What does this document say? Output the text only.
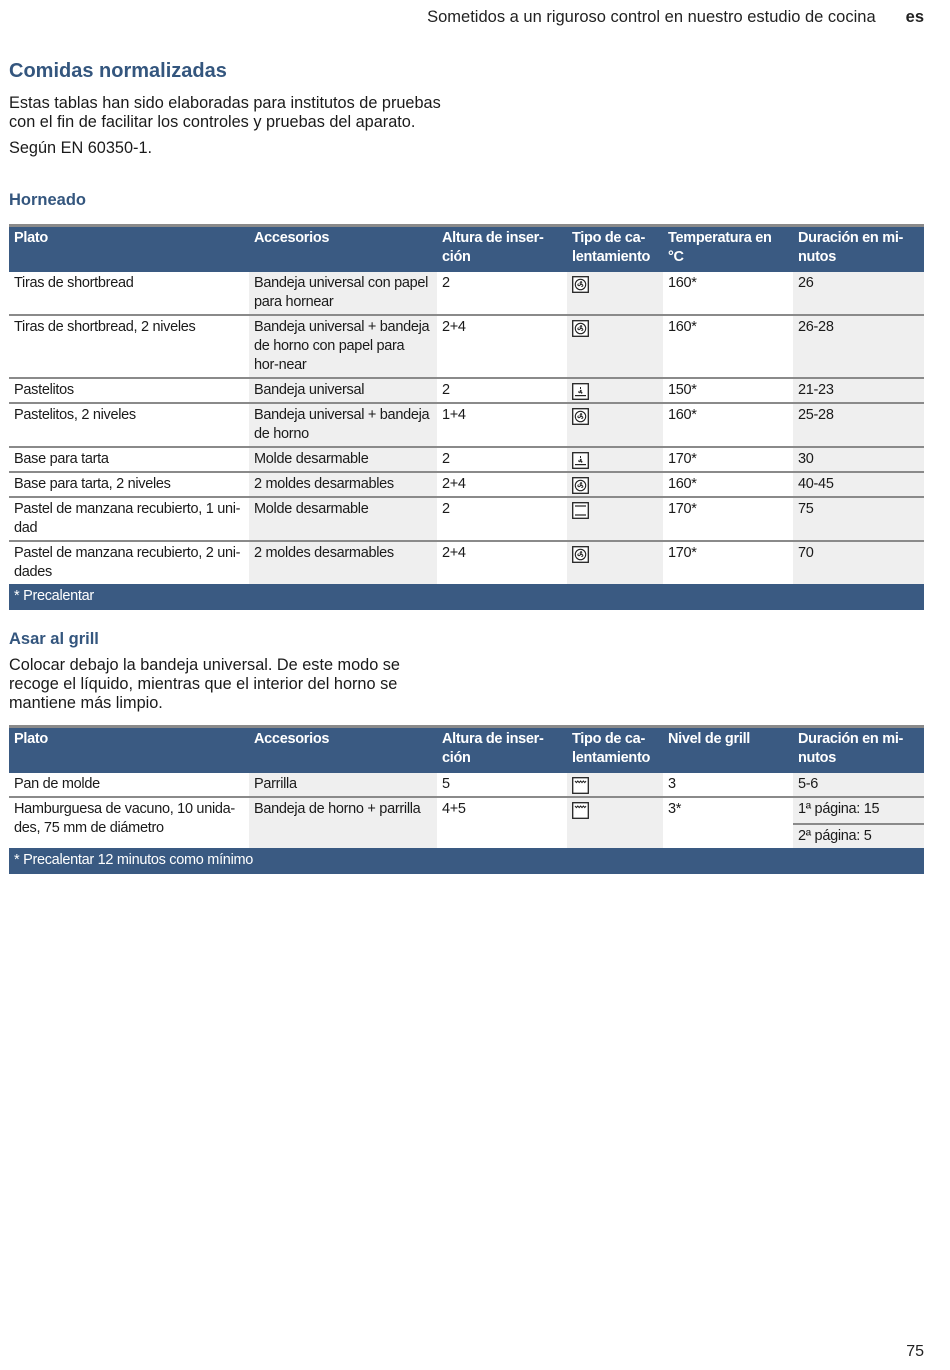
Sometidos a un riguroso control en nuestro estudio de cocina es
Comidas normalizadas

Estas tablas han sido elaboradas para institutos de pruebas con el fin de facilitar los controles y pruebas del aparato.

Según EN 60350-1.

Horneado
Plato	Accesorios	Altura de inser-ción	Tipo de ca-lentamiento	Temperatura en °C	Duración en mi-nutos
Tiras de shortbread	Bandeja universal con papel para hornear	2		160*	26
Tiras de shortbread, 2 niveles	Bandeja universal + bandeja de horno con papel para hor-near	2+4		160*	26-28
Pastelitos	Bandeja universal	2		150*	21-23
Pastelitos, 2 niveles	Bandeja universal + bandeja de horno	1+4		160*	25-28
Base para tarta	Molde desarmable	2		170*	30
Base para tarta, 2 niveles	2 moldes desarmables	2+4		160*	40-45
Pastel de manzana recubierto, 1 uni-dad	Molde desarmable	2		170*	75
Pastel de manzana recubierto, 2 uni-dades	2 moldes desarmables	2+4		170*	70
* Precalentar					
Asar al grill

Colocar debajo la bandeja universal. De este modo se recoge el líquido, mientras que el interior del horno se mantiene más limpio.

Plato	Accesorios	Altura de inser-ción	Tipo de ca-lentamiento	Nivel de grill	Duración en mi-nutos
Pan de molde	Parrilla	5		3	5-6
Hamburguesa de vacuno, 10 unida-des, 75 mm de diámetro	Bandeja de horno + parrilla	4+5		3*	1ª página: 15
2ª página: 5

* Precalentar 12 minutos como mínimo					
75
